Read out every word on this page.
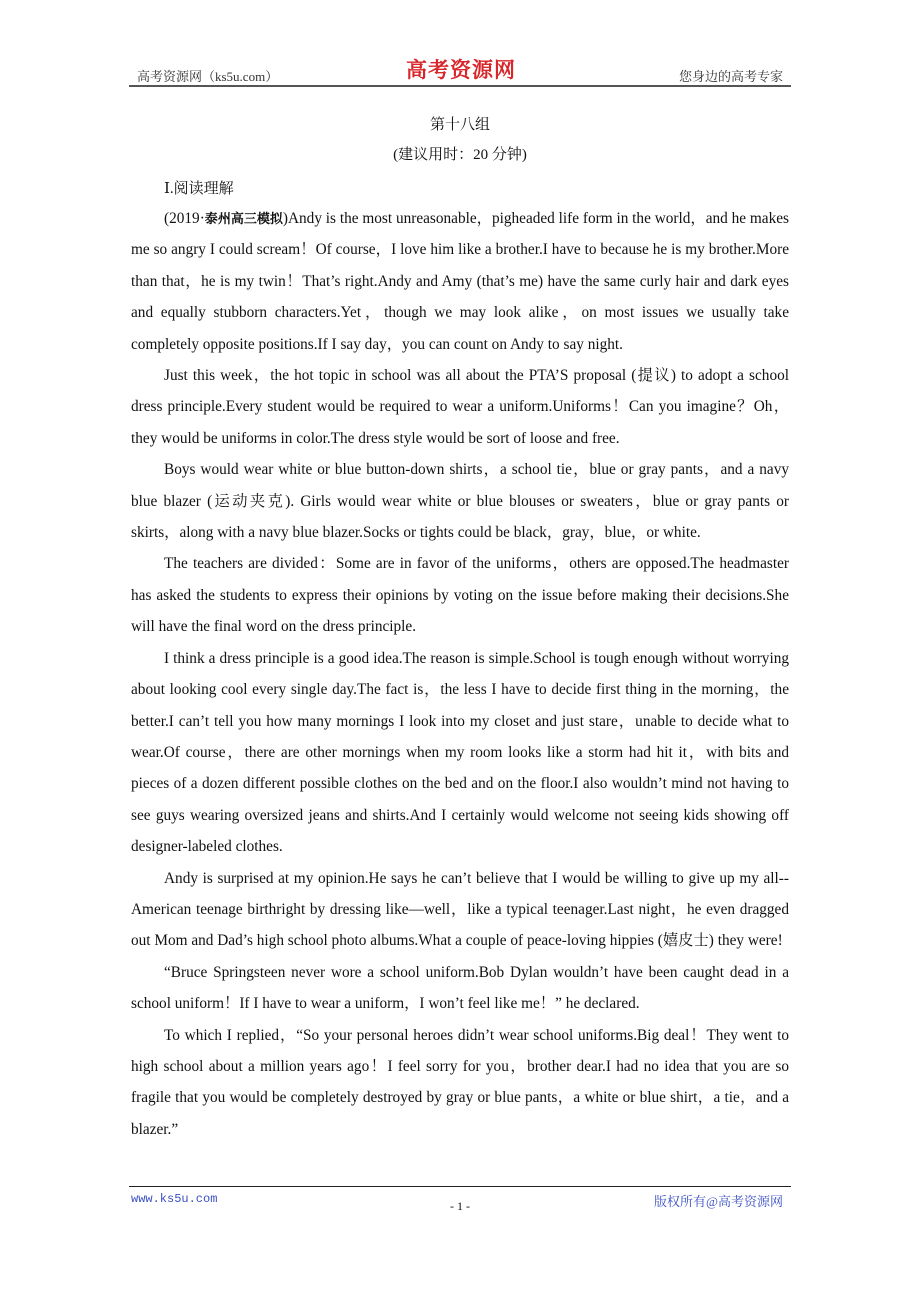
高考资源网（ks5u.com）	高考资源网	您身边的高考专家
第十八组
(建议用时：20 分钟)
Ⅰ.阅读理解

(2019·泰州高三模拟)Andy is the most unreasonable，pigheaded life form in the world，and he makes me so angry I could scream！Of course，I love him like a brother.I have to because he is my brother.More than that，he is my twin！That’s right.Andy and Amy (that’s me) have the same curly hair and dark eyes and equally stubborn characters.Yet，though we may look alike，on most issues we usually take completely opposite positions.If I say day，you can count on Andy to say night.

Just this week，the hot topic in school was all about the PTA’S proposal (提议) to adopt a school dress principle.Every student would be required to wear a uniform.Uniforms！Can you imagine？Oh，they would be uniforms in color.The dress style would be sort of loose and free.

Boys would wear white or blue button-down shirts，a school tie，blue or gray pants，and a navy blue blazer (运动夹克). Girls would wear white or blue blouses or sweaters，blue or gray pants or skirts，along with a navy blue blazer.Socks or tights could be black，gray，blue，or white.

The teachers are divided：Some are in favor of the uniforms，others are opposed.The headmaster has asked the students to express their opinions by voting on the issue before making their decisions.She will have the final word on the dress principle.

I think a dress principle is a good idea.The reason is simple.School is tough enough without worrying about looking cool every single day.The fact is，the less I have to decide first thing in the morning，the better.I can’t tell you how many mornings I look into my closet and just stare，unable to decide what to wear.Of course，there are other mornings when my room looks like a storm had hit it，with bits and pieces of a dozen different possible clothes on the bed and on the floor.I also wouldn’t mind not having to see guys wearing oversized jeans and shirts.And I certainly would welcome not seeing kids showing off designer-labeled clothes.

Andy is surprised at my opinion.He says he can’t believe that I would be willing to give up my all-American teenage birthright by dressing like—well，like a typical teenager.Last night，he even dragged out Mom and Dad’s high school photo albums.What a couple of peace-loving hippies (嬉皮士) they were!

“Bruce Springsteen never wore a school uniform.Bob Dylan wouldn’t have been caught dead in a school uniform！If I have to wear a uniform，I won’t feel like me！” he declared.

To which I replied，“So your personal heroes didn’t wear school uniforms.Big deal！They went to high school about a million years ago！I feel sorry for you，brother dear.I had no idea that you are so fragile that you would be completely destroyed by gray or blue pants，a white or blue shirt，a tie，and a blazer.”

www.ks5u.com	- 1 -	版权所有@高考资源网
